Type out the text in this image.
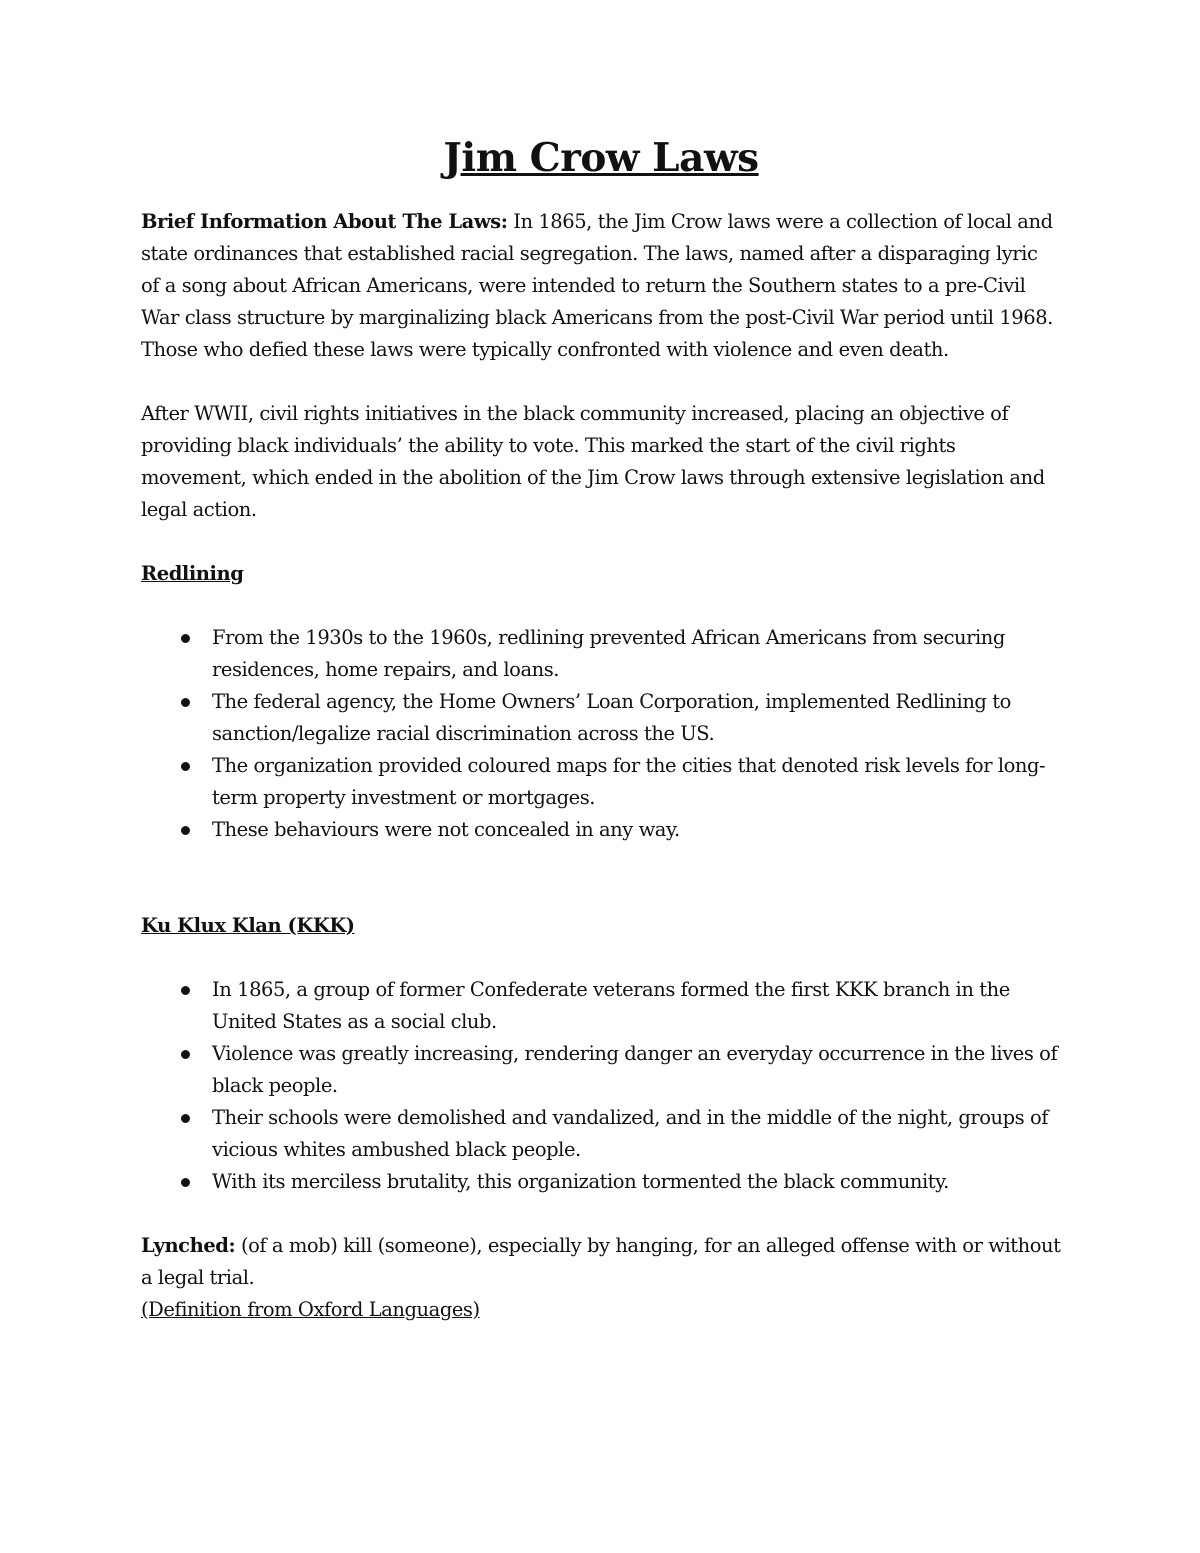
Jim Crow Laws

Brief Information About The Laws: In 1865, the Jim Crow laws were a collection of local and state ordinances that established racial segregation. The laws, named after a disparaging lyric of a song about African Americans, were intended to return the Southern states to a pre-Civil War class structure by marginalizing black Americans from the post-Civil War period until 1968. Those who defied these laws were typically confronted with violence and even death.

After WWII, civil rights initiatives in the black community increased, placing an objective of providing black individuals’ the ability to vote. This marked the start of the civil rights movement, which ended in the abolition of the Jim Crow laws through extensive legislation and legal action.

Redlining
From the 1930s to the 1960s, redlining prevented African Americans from securing residences, home repairs, and loans.
The federal agency, the Home Owners’ Loan Corporation, implemented Redlining to sanction/legalize racial discrimination across the US.
The organization provided coloured maps for the cities that denoted risk levels for long-term property investment or mortgages.
These behaviours were not concealed in any way.
Ku Klux Klan (KKK)
In 1865, a group of former Confederate veterans formed the first KKK branch in the United States as a social club.
Violence was greatly increasing, rendering danger an everyday occurrence in the lives of black people.
Their schools were demolished and vandalized, and in the middle of the night, groups of vicious whites ambushed black people.
With its merciless brutality, this organization tormented the black community.

Lynched: (of a mob) kill (someone), especially by hanging, for an alleged offense with or without a legal trial.

(Definition from Oxford Languages)
